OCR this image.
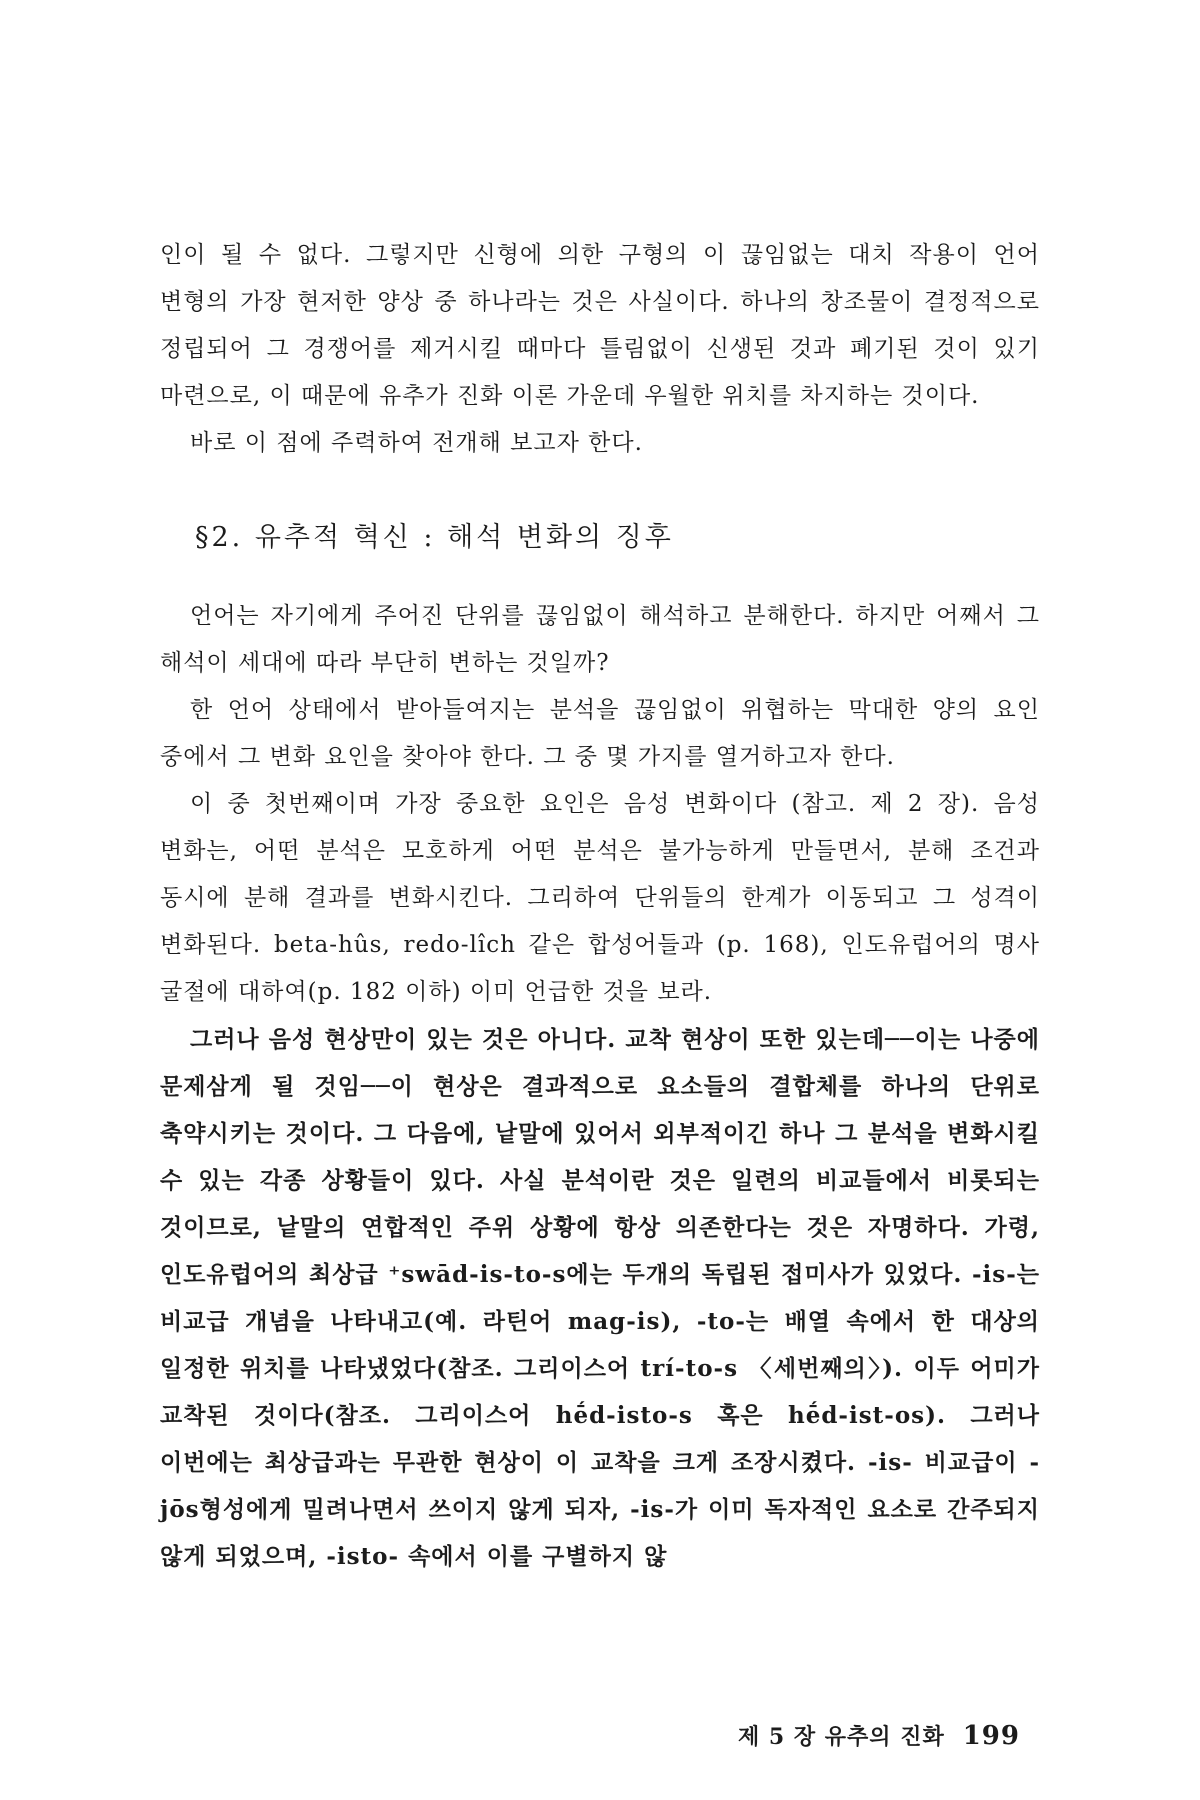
인이 될 수 없다. 그렇지만 신형에 의한 구형의 이 끊임없는 대치 작용이 언어 변형의 가장 현저한 양상 중 하나라는 것은 사실이다. 하나의 창조물이 결정적으로 정립되어 그 경쟁어를 제거시킬 때마다 틀림없이 신생된 것과 폐기된 것이 있기 마련으로, 이 때문에 유추가 진화 이론 가운데 우월한 위치를 차지하는 것이다.

바로 이 점에 주력하여 전개해 보고자 한다.

§2. 유추적 혁신 : 해석 변화의 징후

언어는 자기에게 주어진 단위를 끊임없이 해석하고 분해한다. 하지만 어째서 그 해석이 세대에 따라 부단히 변하는 것일까?

한 언어 상태에서 받아들여지는 분석을 끊임없이 위협하는 막대한 양의 요인 중에서 그 변화 요인을 찾아야 한다. 그 중 몇 가지를 열거하고자 한다.

이 중 첫번째이며 가장 중요한 요인은 음성 변화이다 (참고. 제 2 장). 음성 변화는, 어떤 분석은 모호하게 어떤 분석은 불가능하게 만들면서, 분해 조건과 동시에 분해 결과를 변화시킨다. 그리하여 단위들의 한계가 이동되고 그 성격이 변화된다. beta-hûs, redo-lîch 같은 합성어들과 (p. 168), 인도유럽어의 명사 굴절에 대하여(p. 182 이하) 이미 언급한 것을 보라.

그러나 음성 현상만이 있는 것은 아니다. 교착 현상이 또한 있는데──이는 나중에 문제삼게 될 것임──이 현상은 결과적으로 요소들의 결합체를 하나의 단위로 축약시키는 것이다. 그 다음에, 낱말에 있어서 외부적이긴 하나 그 분석을 변화시킬 수 있는 각종 상황들이 있다. 사실 분석이란 것은 일련의 비교들에서 비롯되는 것이므로, 낱말의 연합적인 주위 상황에 항상 의존한다는 것은 자명하다. 가령, 인도유럽어의 최상급 ⁺swād-is-to-s에는 두개의 독립된 접미사가 있었다. -is-는 비교급 개념을 나타내고(예. 라틴어 mag-is), -to-는 배열 속에서 한 대상의 일정한 위치를 나타냈었다(참조. 그리이스어 trí-to-s 〈세번째의〉). 이두 어미가 교착된 것이다(참조. 그리이스어 hḗd-isto-s 혹은 hḗd-ist-os). 그러나 이번에는 최상급과는 무관한 현상이 이 교착을 크게 조장시켰다. -is- 비교급이 -jōs형성에게 밀려나면서 쓰이지 않게 되자, -is-가 이미 독자적인 요소로 간주되지 않게 되었으며, -isto- 속에서 이를 구별하지 않

제 5 장 유추의 진화 199
